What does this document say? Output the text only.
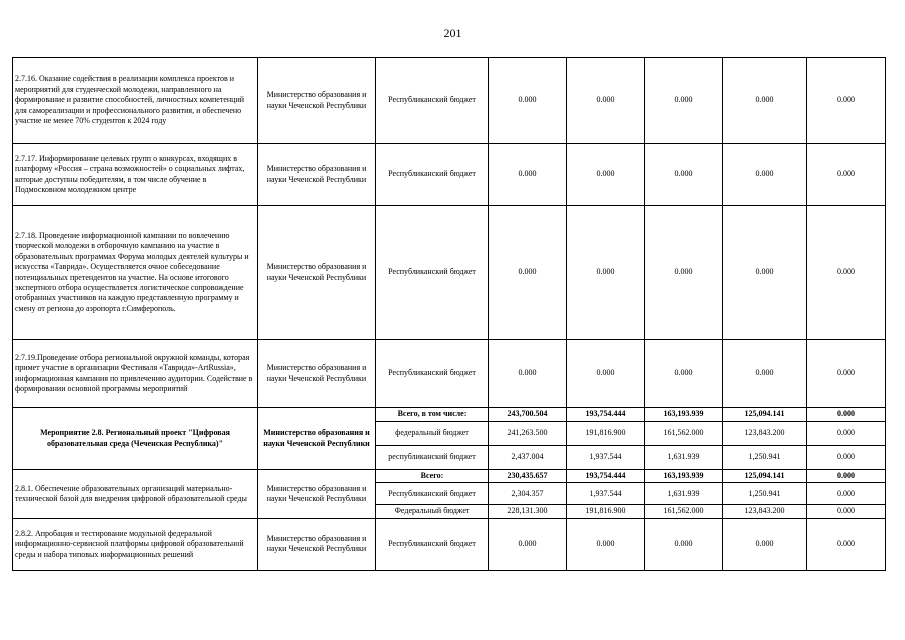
201
2.7.16. Оказание содействия в реализации комплекса проектов и мероприятий для студенческой молодежи, направленного на формирование и развитие способностей, личностных компетенций для самореализации и профессионального развития, и обеспечено участие не менее 70% студентов к 2024 году	Министерство образования и науки Чеченской Республики	Республиканский бюджет	0.000	0.000	0.000	0.000	0.000
2.7.17. Информирование целевых групп о конкурсах, входящих в платформу «Россия – страна возможностей» о социальных лифтах, которые доступны победителям, в том числе обучение в Подмосковном молодежном центре	Министерство образования и науки Чеченской Республики	Республиканский бюджет	0.000	0.000	0.000	0.000	0.000
2.7.18. Проведение информационной кампании по вовлечению творческой молодежи в отборочную кампанию на участие в образовательных программах Форума молодых деятелей культуры и искусства «Таврида». Осуществляется очное собеседование потенциальных претендентов на участие. На основе итогового экспертного отбора осуществляется логистическое сопровождение отобранных участников на каждую представленную программу и смену от региона до аэропорта г.Симферополь.	Министерство образования и науки Чеченской Республики	Республиканский бюджет	0.000	0.000	0.000	0.000	0.000
2.7.19.Проведение отбора региональной окружной команды, которая примет участие в организации Фестиваля «Таврида»-ArtRussia», информационная кампания по привлечению аудитории. Содействие в формировании основной программы мероприятий	Министерство образования и науки Чеченской Республики	Республиканский бюджет	0.000	0.000	0.000	0.000	0.000
Мероприятие 2.8. Региональный проект "Цифровая образовательная среда (Чеченская Республика)"	Министерство образования и науки Чеченской Республики	Всего, в том числе:	243,700.504	193,754.444	163,193.939	125,094.141	0.000
		федеральный бюджет	241,263.500	191,816.900	161,562.000	123,843.200	0.000
		республиканский бюджет	2,437.004	1,937.544	1,631.939	1,250.941	0.000
2.8.1. Обеспечение образовательных организаций материально-технической базой для внедрения цифровой образовательной среды	Министерство образования и науки Чеченской Республики	Всего:	230,435.657	193,754.444	163,193.939	125,094.141	0.000
		Республиканский бюджет	2,304.357	1,937.544	1,631.939	1,250.941	0.000
		Федеральный бюджет	228,131.300	191,816.900	161,562.000	123,843.200	0.000
2.8.2. Апробация и тестирование модульной федеральной информационно-сервисной платформы цифровой образовательной среды и набора типовых информационных решений	Министерство образования и науки Чеченской Республики	Республиканский бюджет	0.000	0.000	0.000	0.000	0.000
